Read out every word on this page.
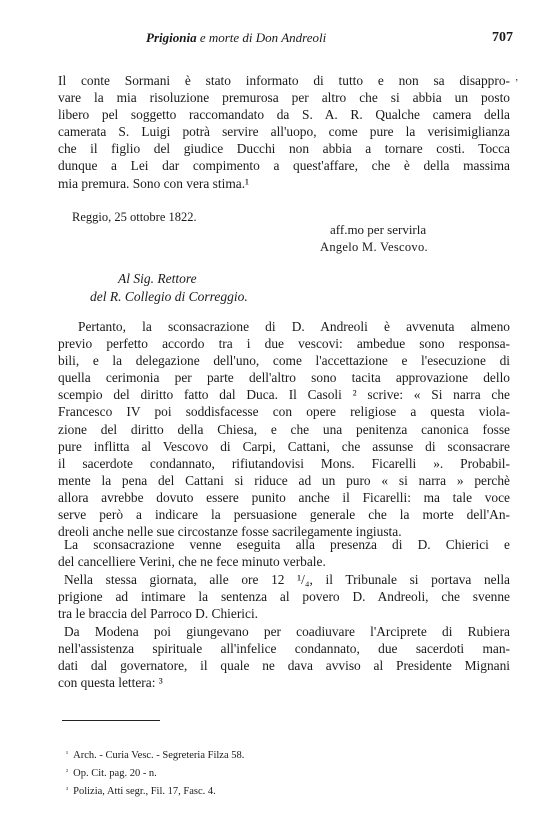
Prigionia e morte di Don Andreoli	707
’
Il conte Sormani è stato informato di tutto e non sa disappro-
vare la mia risoluzione premurosa per altro che si abbia un posto
libero pel soggetto raccomandato da S. A. R. Qualche camera della
camerata S. Luigi potrà servire all'uopo, come pure la verisimiglianza
che il figlio del giudice Ducchi non abbia a tornare costi. Tocca
dunque a Lei dar compimento a quest'affare, che è della massima
mia premura. Sono con vera stima.¹
Reggio, 25 ottobre 1822.
aff.mo per servirla
Angelo M. Vescovo.
Al Sig. Rettore
del R. Collegio di Correggio.
Pertanto, la sconsacrazione di D. Andreoli è avvenuta almeno
previo perfetto accordo tra i due vescovi: ambedue sono responsa-
bili, e la delegazione dell'uno, come l'accettazione e l'esecuzione di
quella cerimonia per parte dell'altro sono tacita approvazione dello
scempio del diritto fatto dal Duca. Il Casoli ² scrive: « Si narra che
Francesco IV poi soddisfacesse con opere religiose a questa viola-
zione del diritto della Chiesa, e che una penitenza canonica fosse
pure inflitta al Vescovo di Carpi, Cattani, che assunse di sconsacrare
il sacerdote condannato, rifiutandovisi Mons. Ficarelli ». Probabil-
mente la pena del Cattani si riduce ad un puro « si narra » perchè
allora avrebbe dovuto essere punito anche il Ficarelli: ma tale voce
serve però a indicare la persuasione generale che la morte dell'An-
dreoli anche nelle sue circostanze fosse sacrilegamente ingiusta.
La sconsacrazione venne eseguita alla presenza di D. Chierici e
del cancelliere Verini, che ne fece minuto verbale.
Nella stessa giornata, alle ore 12 ¹/₄, il Tribunale si portava nella
prigione ad intimare la sentenza al povero D. Andreoli, che svenne
tra le braccia del Parroco D. Chierici.
Da Modena poi giungevano per coadiuvare l'Arciprete di Rubiera
nell'assistenza spirituale all'infelice condannato, due sacerdoti man-
dati dal governatore, il quale ne dava avviso al Presidente Mignani
con questa lettera: ³
$^{^1}$ Arch. - Curia Vesc. - Segreteria Filza 58.
$^{^2}$ Op. Cit. pag. 20 - n.
$^{^3}$ Polizia, Atti segr., Fil. 17, Fasc. 4.
